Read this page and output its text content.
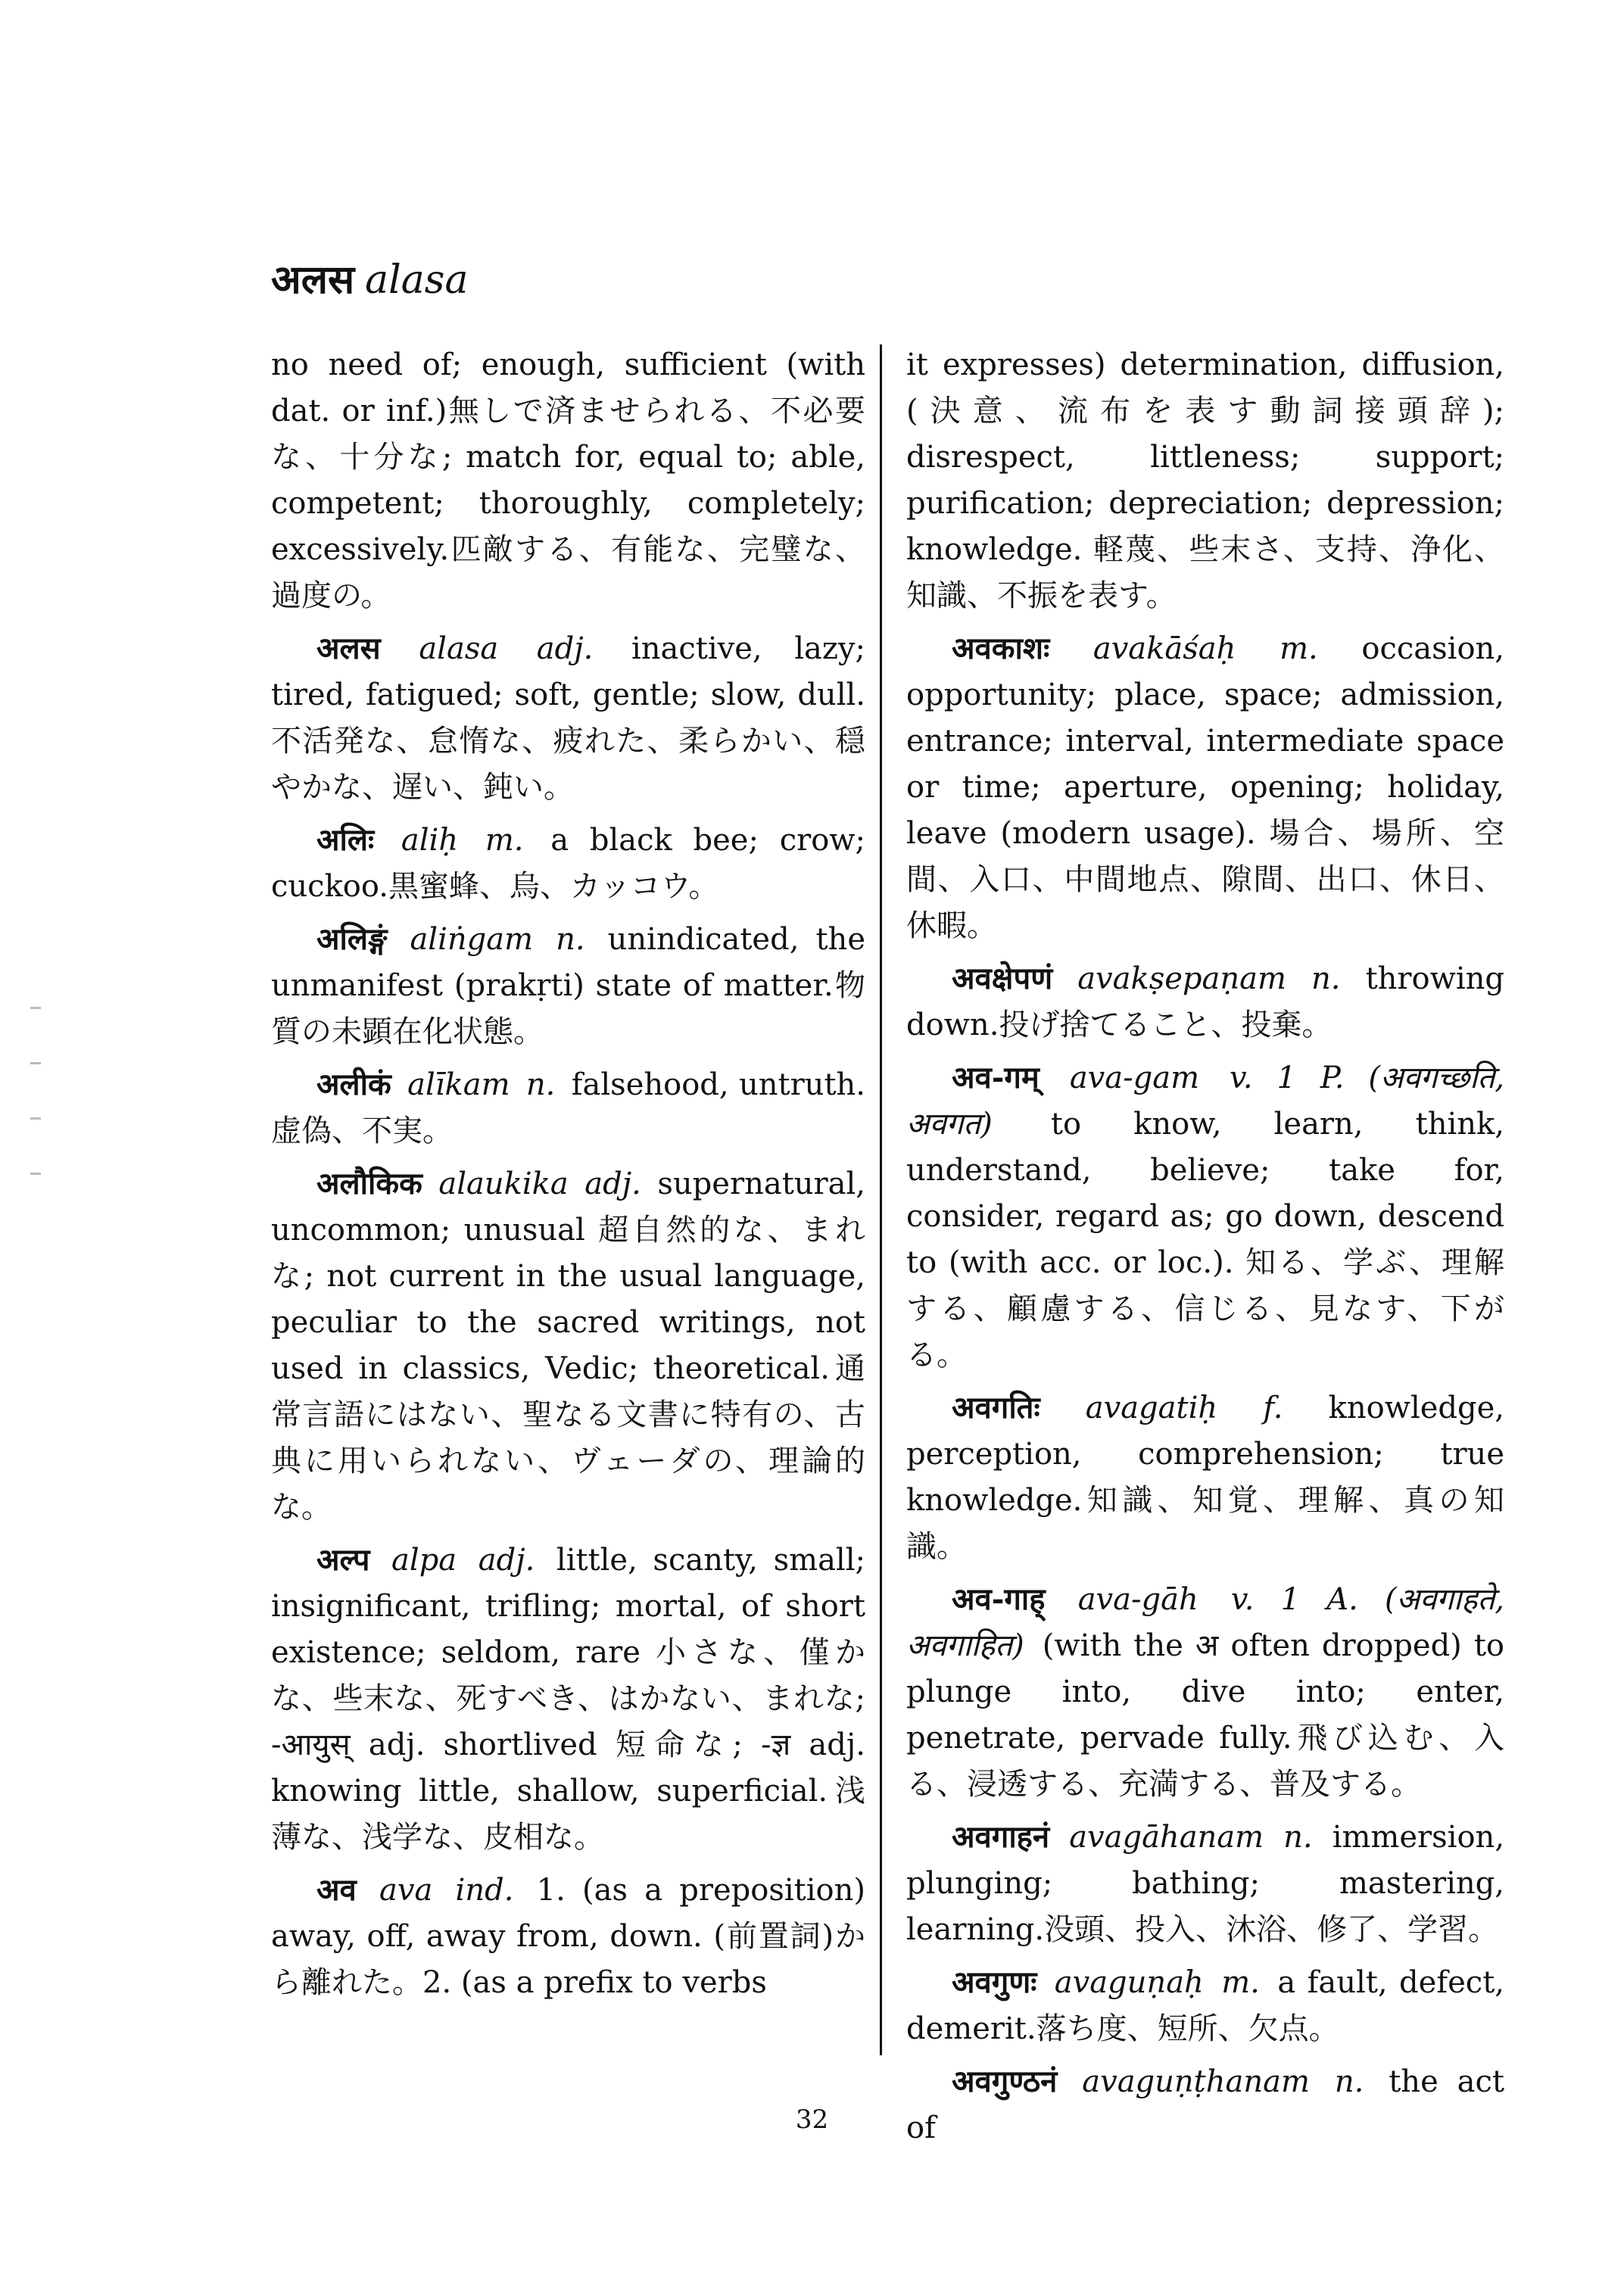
अलस alasa

no need of; enough, sufficient (with dat. or inf.)無しで済ませられる、不必要な、十分な; match for, equal to; able, competent; thoroughly, completely; excessively.匹敵する、有能な、完璧な、過度の。

अलस alasa adj. inactive, lazy; tired, fatigued; soft, gentle; slow, dull.不活発な、怠惰な、疲れた、柔らかい、穏やかな、遅い、鈍い。

अलिः aliḥ m. a black bee; crow; cuckoo.黒蜜蜂、烏、カッコウ。

अलिङ्गं aliṅgam n. unindicated, the unmanifest (prakṛti) state of matter.物質の未顕在化状態。

अलीकं alīkam n. falsehood, untruth.虚偽、不実。

अलौकिक alaukika adj. supernatural, uncommon; unusual 超自然的な、まれな; not current in the usual language, peculiar to the sacred writings, not used in classics, Vedic; theoretical.通常言語にはない、聖なる文書に特有の、古典に用いられない、ヴェーダの、理論的な。

अल्प alpa adj. little, scanty, small; insignificant, trifling; mortal, of short existence; seldom, rare 小さな、僅かな、些末な、死すべき、はかない、まれな; -आयुस् adj. shortlived 短命な; -ज्ञ adj. knowing little, shallow, superficial.浅薄な、浅学な、皮相な。

अव ava ind. 1. (as a preposition) away, off, away from, down. (前置詞)から離れた。2. (as a prefix to verbs

it expresses) determination, diffusion, (決意、流布を表す動詞接頭辞); disrespect, littleness; support; purification; depreciation; depression; knowledge. 軽蔑、些末さ、支持、浄化、知識、不振を表す。

अवकाशः avakāśaḥ m. occasion, opportunity; place, space; admission, entrance; interval, intermediate space or time; aperture, opening; holiday, leave (modern usage). 場合、場所、空間、入口、中間地点、隙間、出口、休日、休暇。

अवक्षेपणं avakṣepaṇam n. throwing down.投げ捨てること、投棄。

अव-गम् ava-gam v. 1 P. (अवगच्छति, अवगत) to know, learn, think, understand, believe; take for, consider, regard as; go down, descend to (with acc. or loc.). 知る、学ぶ、理解する、顧慮する、信じる、見なす、下がる。

अवगतिः avagatiḥ f. knowledge, perception, comprehension; true knowledge.知識、知覚、理解、真の知識。

अव-गाह् ava-gāh v. 1 A. (अवगाहते, अवगाहित) (with the अ often dropped) to plunge into, dive into; enter, penetrate, pervade fully.飛び込む、入る、浸透する、充満する、普及する。

अवगाहनं avagāhanam n. immersion, plunging; bathing; mastering, learning.没頭、投入、沐浴、修了、学習。

अवगुणः avaguṇaḥ m. a fault, defect, demerit.落ち度、短所、欠点。

अवगुण्ठनं avaguṇṭhanam n. the act of

32
